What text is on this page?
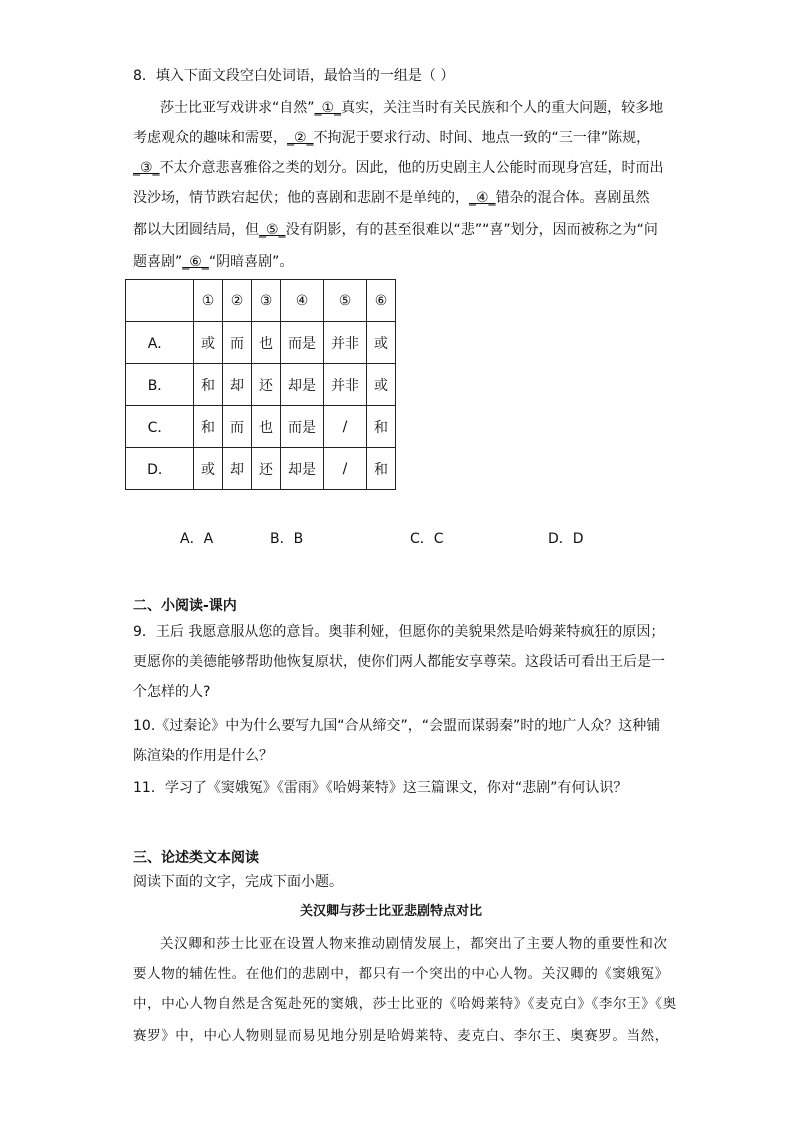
8．填入下面文段空白处词语，最恰当的一组是（ ）

莎士比亚写戏讲求“自然”_①_真实，关注当时有关民族和个人的重大问题，较多地

考虑观众的趣味和需要，_②_不拘泥于要求行动、时间、地点一致的“三一律”陈规，

_③_不太介意悲喜雅俗之类的划分。因此，他的历史剧主人公能时而现身宫廷，时而出

没沙场，情节跌宕起伏；他的喜剧和悲剧不是单纯的，_④_错杂的混合体。喜剧虽然

都以大团圆结局，但_⑤_没有阴影，有的甚至很难以“悲”“喜”划分，因而被称之为“问

题喜剧”_⑥_“阴暗喜剧”。

	①	②	③	④	⑤	⑥
A．	或	而	也	而是	并非	或
B．	和	却	还	却是	并非	或
C．	和	而	也	而是	/	和
D．	或	却	还	却是	/	和
A．A	B．B	C．C	D．D

二、小阅读-课内

9．王后 我愿意服从您的意旨。奥菲利娅，但愿你的美貌果然是哈姆莱特疯狂的原因；

更愿你的美德能够帮助他恢复原状，使你们两人都能安享尊荣。这段话可看出王后是一

个怎样的人?

10.《过秦论》中为什么要写九国“合从缔交”，“会盟而谋弱秦”时的地广人众？这种铺

陈渲染的作用是什么？

11．学习了《窦娥冤》《雷雨》《哈姆莱特》这三篇课文，你对“悲剧”有何认识？

三、论述类文本阅读

阅读下面的文字，完成下面小题。

关汉卿与莎士比亚悲剧特点对比

关汉卿和莎士比亚在设置人物来推动剧情发展上，都突出了主要人物的重要性和次

要人物的辅佐性。在他们的悲剧中，都只有一个突出的中心人物。关汉卿的《窦娥冤》

中，中心人物自然是含冤赴死的窦娥，莎士比亚的《哈姆莱特》《麦克白》《李尔王》《奥

赛罗》中，中心人物则显而易见地分别是哈姆莱特、麦克白、李尔王、奥赛罗。当然，
